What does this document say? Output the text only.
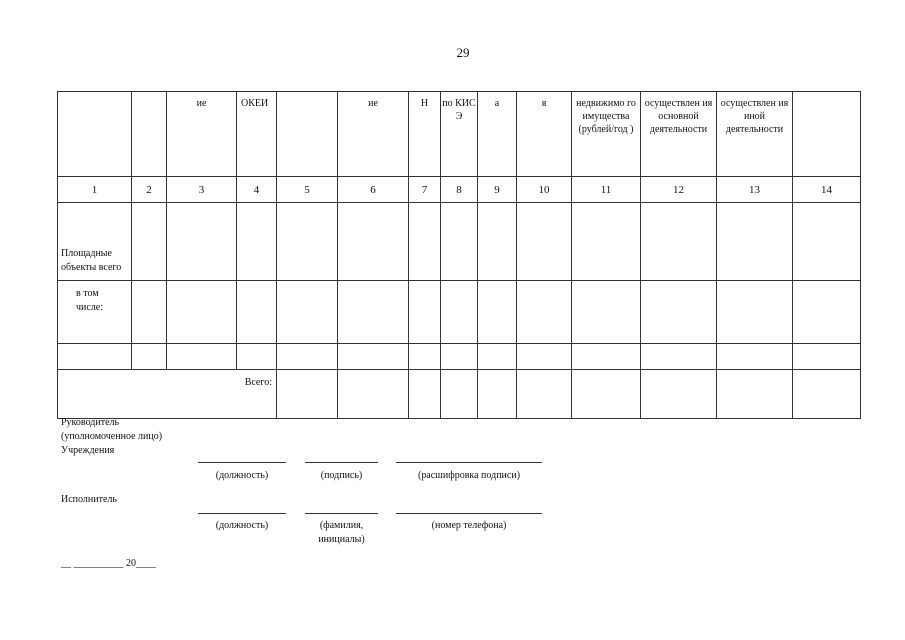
29
		ие	ОКЕИ		ие	Н	по КИС Э	а	я	недвижимо го имущества (рублей/год )	осуществлен ия основной деятельности	осуществлен ия иной деятельности	
1	2	3	4	5	6	7	8	9	10	11	12	13	14
Площадные объекты всего													
в том числе:													

Всего:													
Руководитель
(уполномоченное лицо)
Учреждения
(должность)	(подпись)	(расшифровка подписи)
Исполнитель
(должность)	(фамилия, инициалы)
(номер телефона)
__ __________ 20____
